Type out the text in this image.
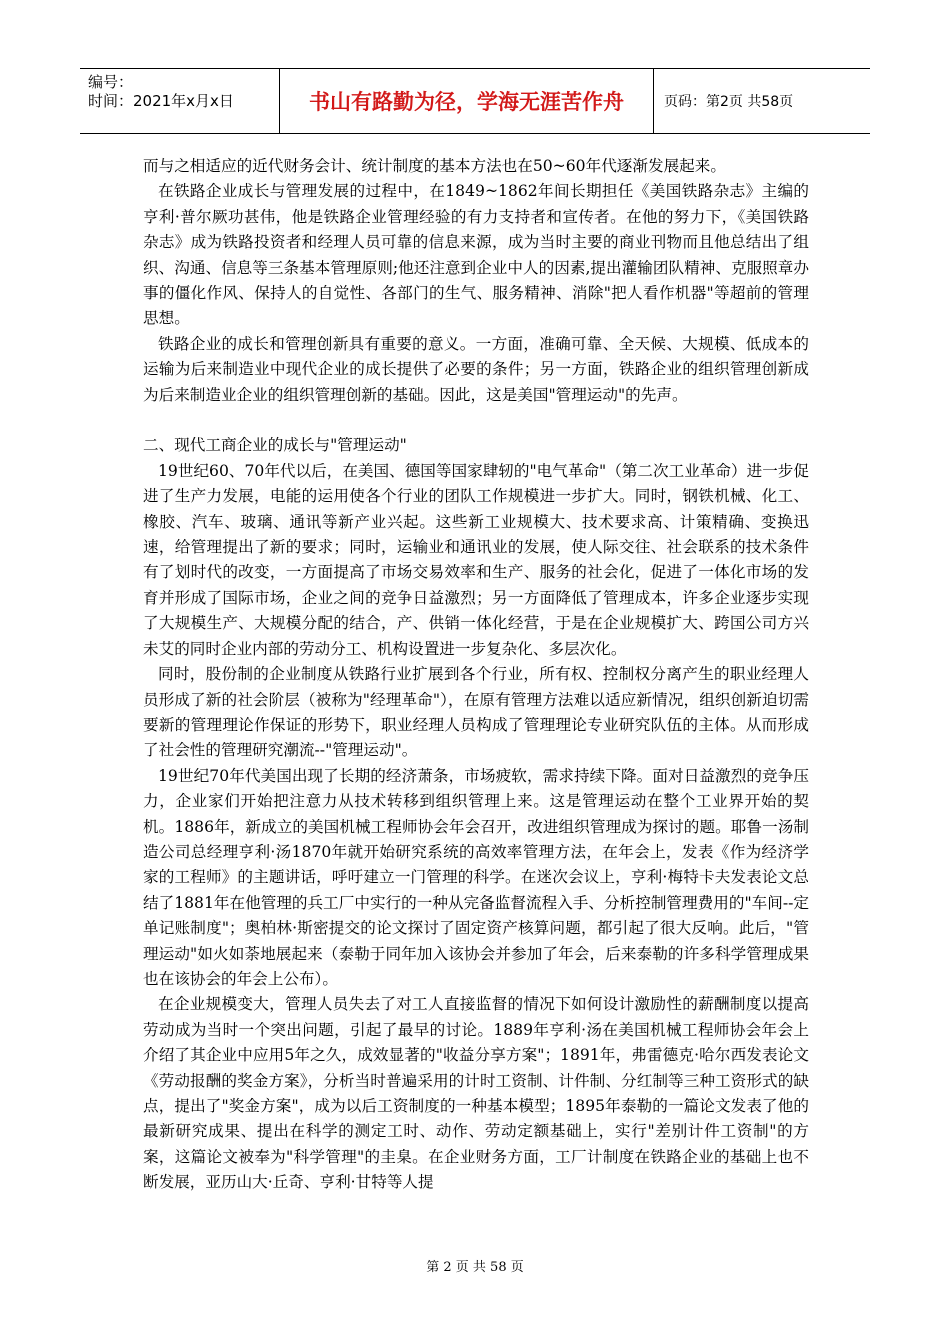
编号：
时间：2021年x月x日	书山有路勤为径，学海无涯苦作舟	页码：第2页 共58页

而与之相适应的近代财务会计、统计制度的基本方法也在50~60年代逐渐发展起来。

在铁路企业成长与管理发展的过程中，在1849~1862年间长期担任《美国铁路杂志》主编的亨利·普尔厥功甚伟，他是铁路企业管理经验的有力支持者和宣传者。在他的努力下，《美国铁路杂志》成为铁路投资者和经理人员可靠的信息来源，成为当时主要的商业刊物而且他总结出了组织、沟通、信息等三条基本管理原则;他还注意到企业中人的因素,提出灌输团队精神、克服照章办事的僵化作风、保持人的自觉性、各部门的生气、服务精神、消除"把人看作机器"等超前的管理思想。

铁路企业的成长和管理创新具有重要的意义。一方面，准确可靠、全天候、大规模、低成本的运输为后来制造业中现代企业的成长提供了必要的条件；另一方面，铁路企业的组织管理创新成为后来制造业企业的组织管理创新的基础。因此，这是美国"管理运动"的先声。

二、现代工商企业的成长与"管理运动"

19世纪60、70年代以后，在美国、德国等国家肆轫的"电气革命"（第二次工业革命）进一步促进了生产力发展，电能的运用使各个行业的团队工作规模进一步扩大。同时，钢铁机械、化工、橡胶、汽车、玻璃、通讯等新产业兴起。这些新工业规模大、技术要求高、计策精确、变换迅速，给管理提出了新的要求；同时，运输业和通讯业的发展，使人际交往、社会联系的技术条件有了划时代的改变，一方面提高了市场交易效率和生产、服务的社会化，促进了一体化市场的发育并形成了国际市场，企业之间的竞争日益激烈；另一方面降低了管理成本，许多企业逐步实现了大规模生产、大规模分配的结合，产、供销一体化经营，于是在企业规模扩大、跨国公司方兴未艾的同时企业内部的劳动分工、机构设置进一步复杂化、多层次化。

同时，股份制的企业制度从铁路行业扩展到各个行业，所有权、控制权分离产生的职业经理人员形成了新的社会阶层（被称为"经理革命"），在原有管理方法难以适应新情况，组织创新迫切需要新的管理理论作保证的形势下，职业经理人员构成了管理理论专业研究队伍的主体。从而形成了社会性的管理研究潮流--"管理运动"。

19世纪70年代美国出现了长期的经济萧条，市场疲软，需求持续下降。面对日益激烈的竞争压力，企业家们开始把注意力从技术转移到组织管理上来。这是管理运动在整个工业界开始的契机。1886年，新成立的美国机械工程师协会年会召开，改进组织管理成为探讨的题。耶鲁一汤制造公司总经理亨利·汤1870年就开始研究系统的高效率管理方法，在年会上，发表《作为经济学家的工程师》的主题讲话，呼吁建立一门管理的科学。在迷次会议上，亨利·梅特卡夫发表论文总结了1881年在他管理的兵工厂中实行的一种从完备监督流程入手、分析控制管理费用的"车间--定单记账制度"；奥柏林·斯密提交的论文探讨了固定资产核算问题，都引起了很大反响。此后，"管理运动"如火如荼地展起来（泰勒于同年加入该协会并参加了年会，后来泰勒的许多科学管理成果也在该协会的年会上公布）。

在企业规模变大，管理人员失去了对工人直接监督的情况下如何设计激励性的薪酬制度以提高劳动成为当时一个突出问题，引起了最早的讨论。1889年亨利·汤在美国机械工程师协会年会上介绍了其企业中应用5年之久，成效显著的"收益分享方案"；1891年，弗雷德克·哈尔西发表论文《劳动报酬的奖金方案》，分析当时普遍采用的计时工资制、计件制、分红制等三种工资形式的缺点，提出了"奖金方案"，成为以后工资制度的一种基本模型；1895年泰勒的一篇论文发表了他的最新研究成果、提出在科学的测定工时、动作、劳动定额基础上，实行"差别计件工资制"的方案，这篇论文被奉为"科学管理"的圭臬。在企业财务方面，工厂计制度在铁路企业的基础上也不断发展，亚历山大·丘奇、亨利·甘特等人提

第 2 页 共 58 页
